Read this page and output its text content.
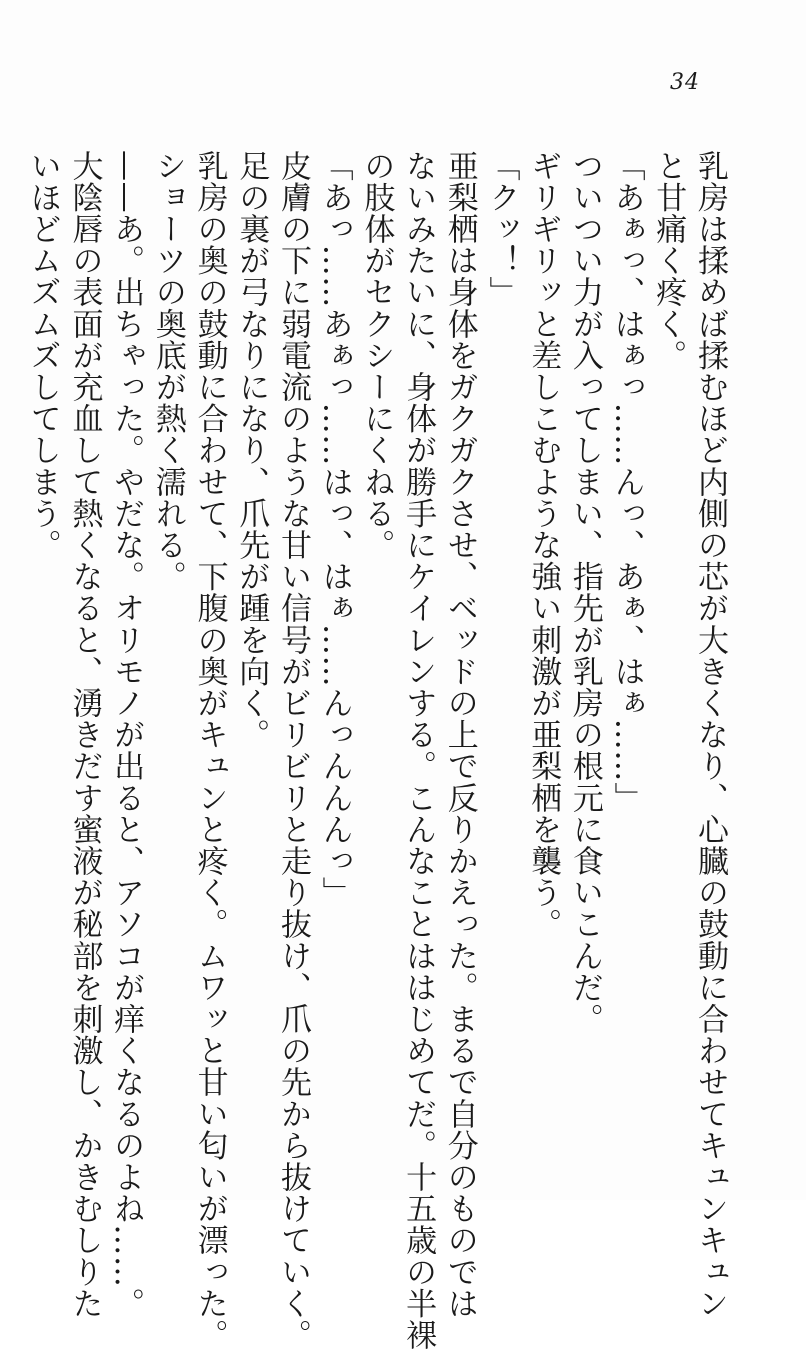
34
乳房は揉めば揉むほど内側の芯が大きくなり、心臓の鼓動に合わせてキュンキュン
と甘痛く疼く。
「あぁっ、はぁっ……んっ、あぁ、はぁ……」
ついつい力が入ってしまい、指先が乳房の根元に食いこんだ。
ギリギリッと差しこむような強い刺激が亜梨栖を襲う。
「クッ！」
亜梨栖は身体をガクガクさせ、ベッドの上で反りかえった。まるで自分のものでは
ないみたいに、身体が勝手にケイレンする。こんなことははじめてだ。十五歳の半裸
の肢体がセクシーにくねる。
「あっ……あぁっ……はっ、はぁ……んっんんんっ」
皮膚の下に弱電流のような甘い信号がビリビリと走り抜け、爪の先から抜けていく。
足の裏が弓なりになり、爪先が踵を向く。
乳房の奥の鼓動に合わせて、下腹の奥がキュンと疼く。ムワッと甘い匂いが漂った。
ショーツの奥底が熱く濡れる。
——あ。出ちゃった。やだな。オリモノが出ると、アソコが痒くなるのよね……。
大陰唇の表面が充血して熱くなると、湧きだす蜜液が秘部を刺激し、かきむしりた
いほどムズムズしてしまう。
